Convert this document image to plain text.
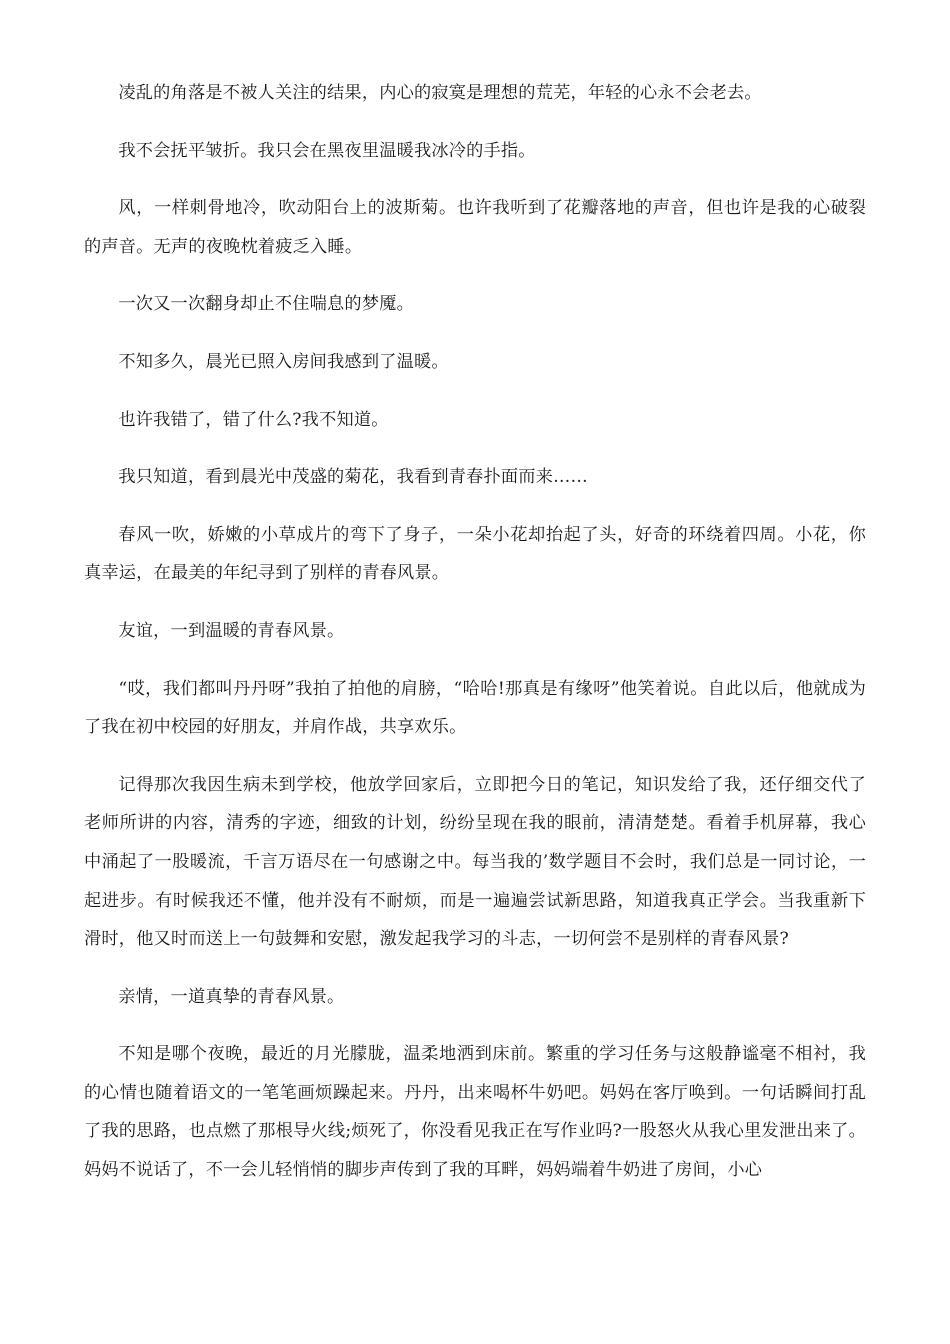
凌乱的角落是不被人关注的结果，内心的寂寞是理想的荒芜，年轻的心永不会老去。

我不会抚平皱折。我只会在黑夜里温暖我冰冷的手指。

风，一样刺骨地冷，吹动阳台上的波斯菊。也许我听到了花瓣落地的声音，但也许是我的心破裂的声音。无声的夜晚枕着疲乏入睡。

一次又一次翻身却止不住喘息的梦魇。

不知多久，晨光已照入房间我感到了温暖。

也许我错了，错了什么?我不知道。

我只知道，看到晨光中茂盛的菊花，我看到青春扑面而来……

春风一吹，娇嫩的小草成片的弯下了身子，一朵小花却抬起了头，好奇的环绕着四周。小花，你真幸运，在最美的年纪寻到了别样的青春风景。

友谊，一到温暖的青春风景。

“哎，我们都叫丹丹呀”我拍了拍他的肩膀，“哈哈!那真是有缘呀”他笑着说。自此以后，他就成为了我在初中校园的好朋友，并肩作战，共享欢乐。

记得那次我因生病未到学校，他放学回家后，立即把今日的笔记，知识发给了我，还仔细交代了老师所讲的内容，清秀的字迹，细致的计划，纷纷呈现在我的眼前，清清楚楚。看着手机屏幕，我心中涌起了一股暖流，千言万语尽在一句感谢之中。每当我的’数学题目不会时，我们总是一同讨论，一起进步。有时候我还不懂，他并没有不耐烦，而是一遍遍尝试新思路，知道我真正学会。当我重新下滑时，他又时而送上一句鼓舞和安慰，激发起我学习的斗志，一切何尝不是别样的青春风景?

亲情，一道真挚的青春风景。

不知是哪个夜晚，最近的月光朦胧，温柔地洒到床前。繁重的学习任务与这般静谧毫不相衬，我的心情也随着语文的一笔笔画烦躁起来。丹丹，出来喝杯牛奶吧。妈妈在客厅唤到。一句话瞬间打乱了我的思路，也点燃了那根导火线;烦死了，你没看见我正在写作业吗?一股怒火从我心里发泄出来了。妈妈不说话了，不一会儿轻悄悄的脚步声传到了我的耳畔，妈妈端着牛奶进了房间，小心
